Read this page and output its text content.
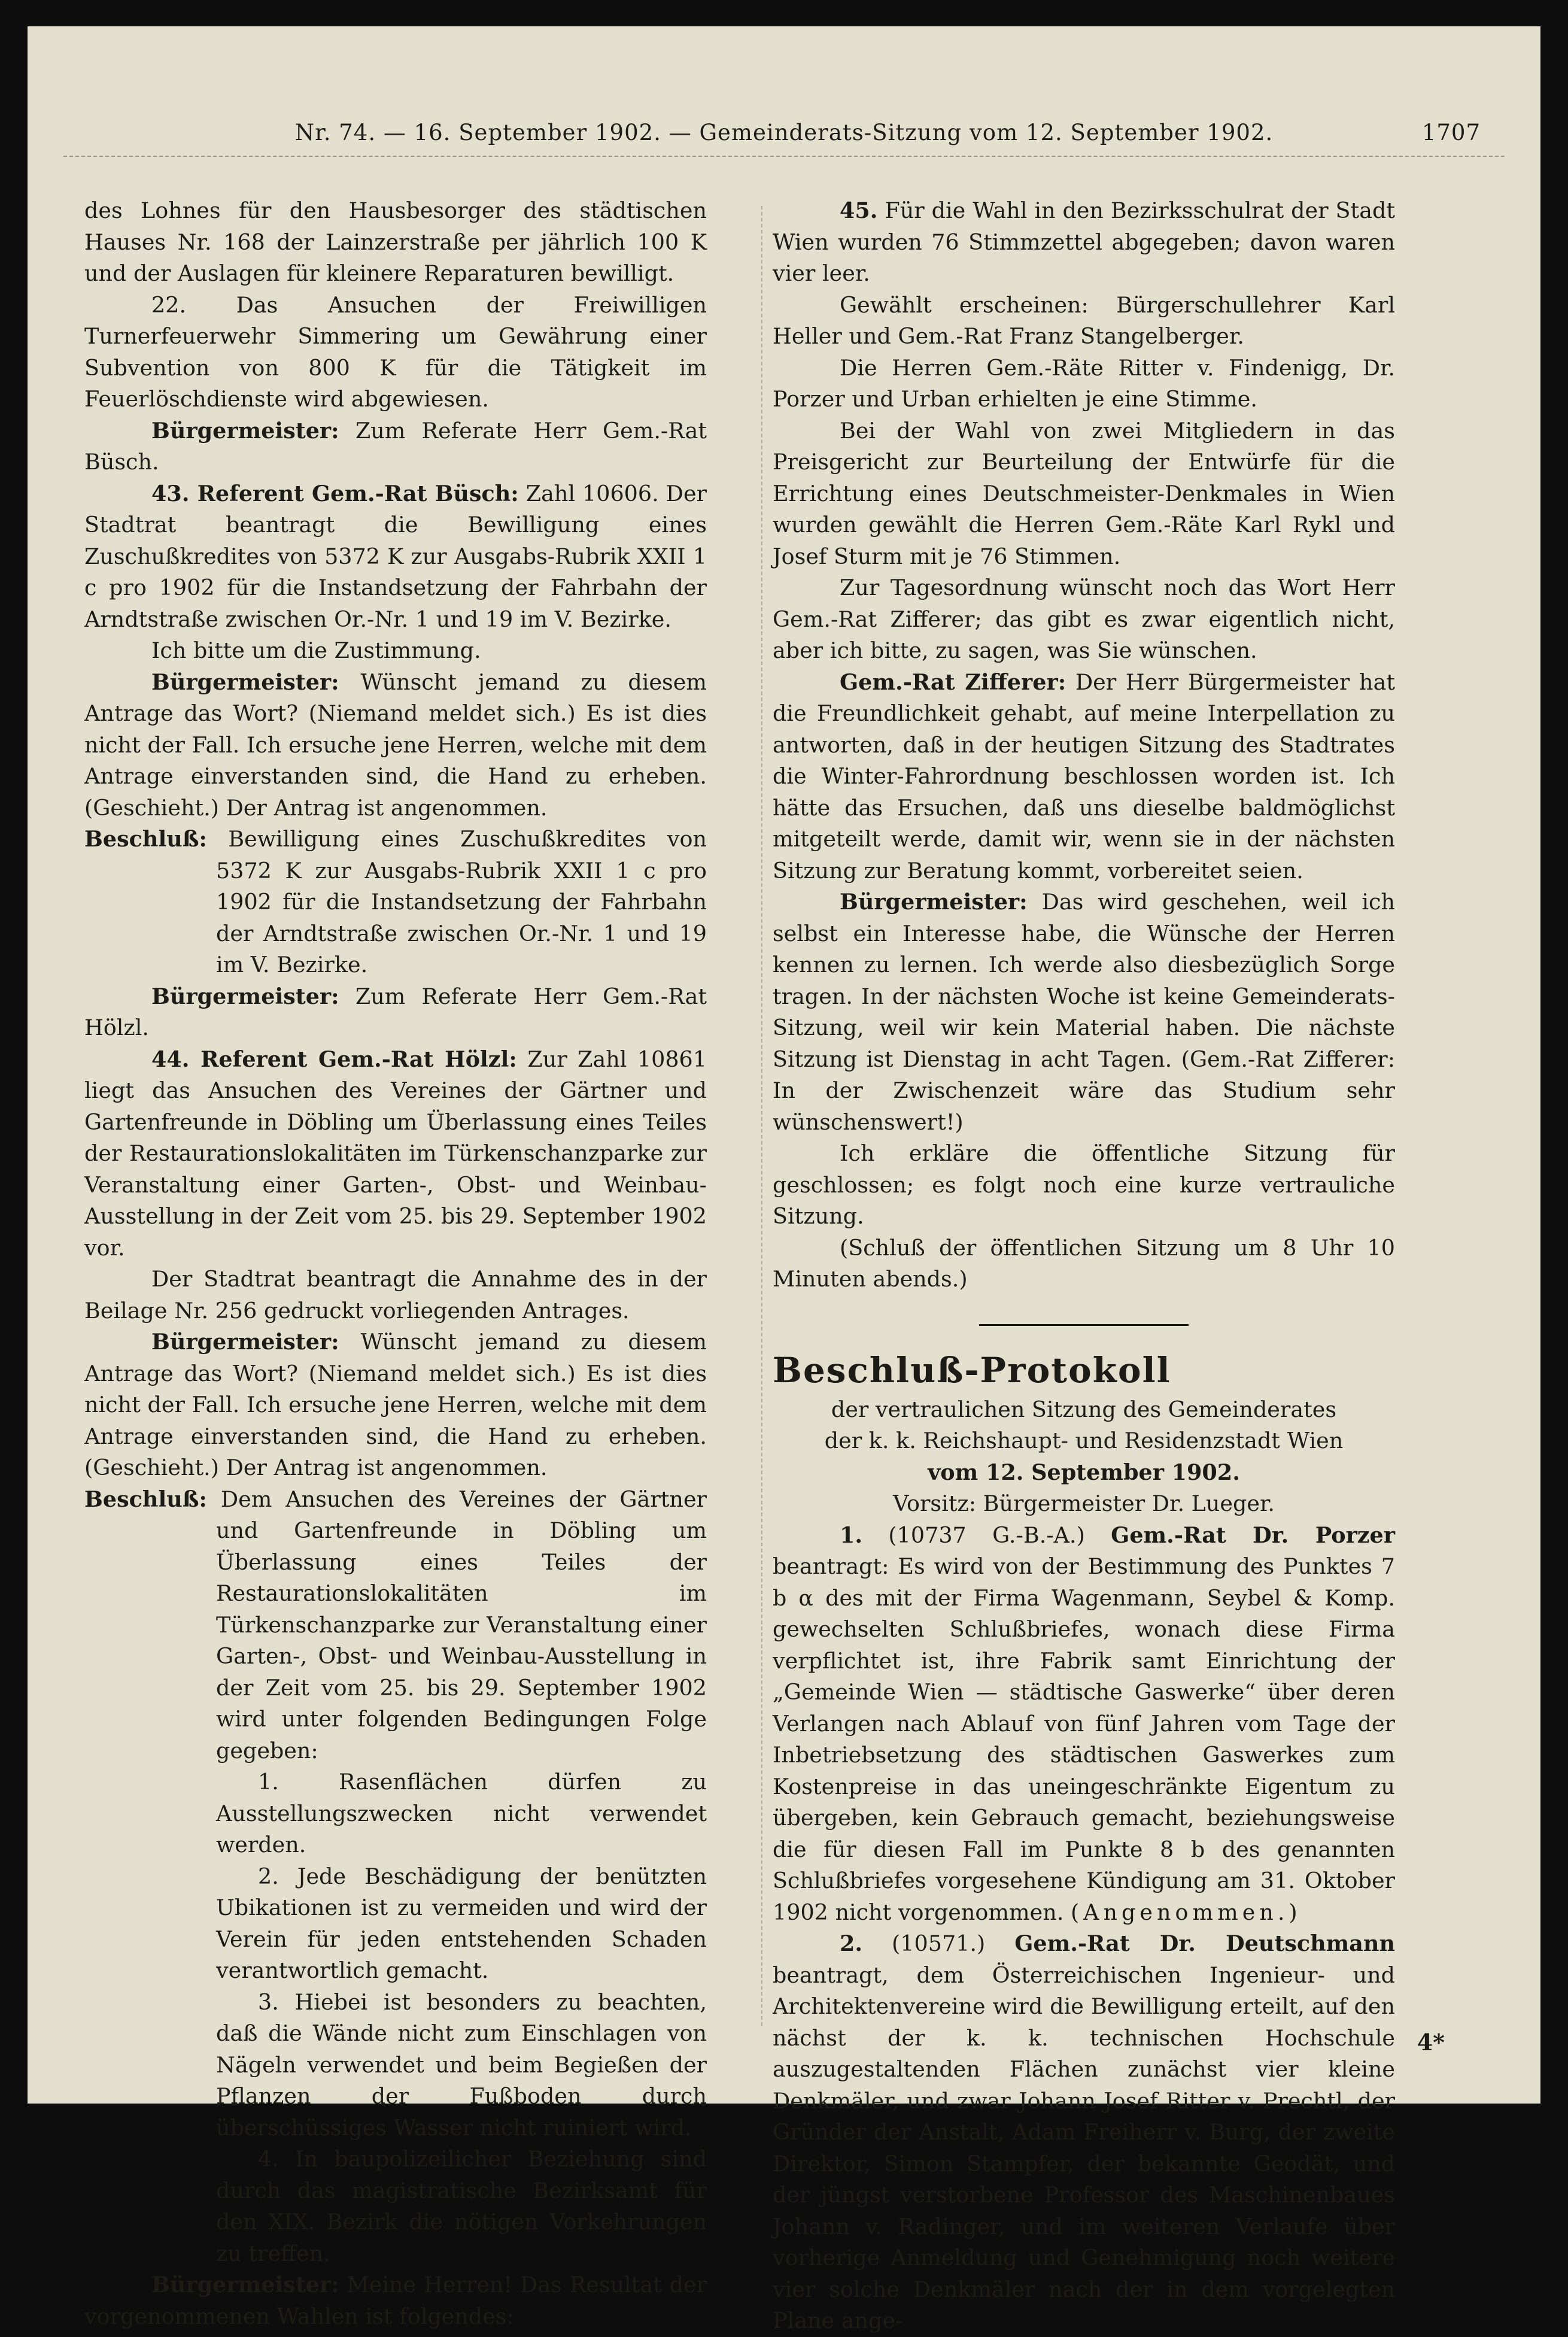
Nr. 74. — 16. September 1902. — Gemeinderats-Sitzung vom 12. September 1902.	1707

des Lohnes für den Hausbesorger des städtischen Hauses Nr. 168 der Lainzerstraße per jährlich 100 K und der Auslagen für kleinere Reparaturen bewilligt.

22. Das Ansuchen der Freiwilligen Turnerfeuerwehr Simmering um Gewährung einer Subvention von 800 K für die Tätigkeit im Feuerlöschdienste wird abgewiesen.

Bürgermeister: Zum Referate Herr Gem.-Rat Büsch.

43. Referent Gem.-Rat Büsch: Zahl 10606. Der Stadtrat beantragt die Bewilligung eines Zuschußkredites von 5372 K zur Ausgabs-Rubrik XXII 1 c pro 1902 für die Instandsetzung der Fahrbahn der Arndtstraße zwischen Or.-Nr. 1 und 19 im V. Bezirke.

Ich bitte um die Zustimmung.

Bürgermeister: Wünscht jemand zu diesem Antrage das Wort? (Niemand meldet sich.) Es ist dies nicht der Fall. Ich ersuche jene Herren, welche mit dem Antrage einverstanden sind, die Hand zu erheben. (Geschieht.) Der Antrag ist angenommen.

Beschluß: Bewilligung eines Zuschußkredites von 5372 K zur Ausgabs-Rubrik XXII 1 c pro 1902 für die Instandsetzung der Fahrbahn der Arndtstraße zwischen Or.-Nr. 1 und 19 im V. Bezirke.

Bürgermeister: Zum Referate Herr Gem.-Rat Hölzl.

44. Referent Gem.-Rat Hölzl: Zur Zahl 10861 liegt das Ansuchen des Vereines der Gärtner und Gartenfreunde in Döbling um Überlassung eines Teiles der Restaurationslokalitäten im Türkenschanzparke zur Veranstaltung einer Garten-, Obst- und Weinbau-Ausstellung in der Zeit vom 25. bis 29. September 1902 vor.

Der Stadtrat beantragt die Annahme des in der Beilage Nr. 256 gedruckt vorliegenden Antrages.

Bürgermeister: Wünscht jemand zu diesem Antrage das Wort? (Niemand meldet sich.) Es ist dies nicht der Fall. Ich ersuche jene Herren, welche mit dem Antrage einverstanden sind, die Hand zu erheben. (Geschieht.) Der Antrag ist angenommen.

Beschluß: Dem Ansuchen des Vereines der Gärtner und Gartenfreunde in Döbling um Überlassung eines Teiles der Restaurationslokalitäten im Türkenschanzparke zur Veranstaltung einer Garten-, Obst- und Weinbau-Ausstellung in der Zeit vom 25. bis 29. September 1902 wird unter folgenden Bedingungen Folge gegeben:

1. Rasenflächen dürfen zu Ausstellungszwecken nicht verwendet werden.

2. Jede Beschädigung der benützten Ubikationen ist zu vermeiden und wird der Verein für jeden entstehenden Schaden verantwortlich gemacht.

3. Hiebei ist besonders zu beachten, daß die Wände nicht zum Einschlagen von Nägeln verwendet und beim Begießen der Pflanzen der Fußboden durch überschüssiges Wasser nicht ruiniert wird.

4. In baupolizeilicher Beziehung sind durch das magistratische Bezirksamt für den XIX. Bezirk die nötigen Vorkehrungen zu treffen.

Bürgermeister: Meine Herren! Das Resultat der vorgenommenen Wahlen ist folgendes:

45. Für die Wahl in den Bezirksschulrat der Stadt Wien wurden 76 Stimmzettel abgegeben; davon waren vier leer.

Gewählt erscheinen: Bürgerschullehrer Karl Heller und Gem.-Rat Franz Stangelberger.

Die Herren Gem.-Räte Ritter v. Findenigg, Dr. Porzer und Urban erhielten je eine Stimme.

Bei der Wahl von zwei Mitgliedern in das Preisgericht zur Beurteilung der Entwürfe für die Errichtung eines Deutschmeister-Denkmales in Wien wurden gewählt die Herren Gem.-Räte Karl Rykl und Josef Sturm mit je 76 Stimmen.

Zur Tagesordnung wünscht noch das Wort Herr Gem.-Rat Zifferer; das gibt es zwar eigentlich nicht, aber ich bitte, zu sagen, was Sie wünschen.

Gem.-Rat Zifferer: Der Herr Bürgermeister hat die Freundlichkeit gehabt, auf meine Interpellation zu antworten, daß in der heutigen Sitzung des Stadtrates die Winter-Fahrordnung beschlossen worden ist. Ich hätte das Ersuchen, daß uns dieselbe baldmöglichst mitgeteilt werde, damit wir, wenn sie in der nächsten Sitzung zur Beratung kommt, vorbereitet seien.

Bürgermeister: Das wird geschehen, weil ich selbst ein Interesse habe, die Wünsche der Herren kennen zu lernen. Ich werde also diesbezüglich Sorge tragen. In der nächsten Woche ist keine Gemeinderats-Sitzung, weil wir kein Material haben. Die nächste Sitzung ist Dienstag in acht Tagen. (Gem.-Rat Zifferer: In der Zwischenzeit wäre das Studium sehr wünschenswert!)

Ich erkläre die öffentliche Sitzung für geschlossen; es folgt noch eine kurze vertrauliche Sitzung.

(Schluß der öffentlichen Sitzung um 8 Uhr 10 Minuten abends.)

Beschluß-Protokoll

der vertraulichen Sitzung des Gemeinderates

der k. k. Reichshaupt- und Residenzstadt Wien

vom 12. September 1902.

Vorsitz: Bürgermeister Dr. Lueger.

1. (10737 G.-B.-A.) Gem.-Rat Dr. Porzer beantragt: Es wird von der Bestimmung des Punktes 7 b α des mit der Firma Wagenmann, Seybel & Komp. gewechselten Schlußbriefes, wonach diese Firma verpflichtet ist, ihre Fabrik samt Einrichtung der „Gemeinde Wien — städtische Gaswerke“ über deren Verlangen nach Ablauf von fünf Jahren vom Tage der Inbetriebsetzung des städtischen Gaswerkes zum Kostenpreise in das uneingeschränkte Eigentum zu übergeben, kein Gebrauch gemacht, beziehungsweise die für diesen Fall im Punkte 8 b des genannten Schlußbriefes vorgesehene Kündigung am 31. Oktober 1902 nicht vorgenommen. (Angenommen.)

2. (10571.) Gem.-Rat Dr. Deutschmann beantragt, dem Österreichischen Ingenieur- und Architektenvereine wird die Bewilligung erteilt, auf den nächst der k. k. technischen Hochschule auszugestaltenden Flächen zunächst vier kleine Denkmäler, und zwar Johann Josef Ritter v. Prechtl, der Gründer der Anstalt, Adam Freiherr v. Burg, der zweite Direktor, Simon Stampfer, der bekannte Geodät, und der jüngst verstorbene Professor des Maschinenbaues Johann v. Radinger, und im weiteren Verlaufe über vorherige Anmeldung und Genehmigung noch weitere vier solche Denkmäler nach der in dem vorgelegten Plane ange-

4*
